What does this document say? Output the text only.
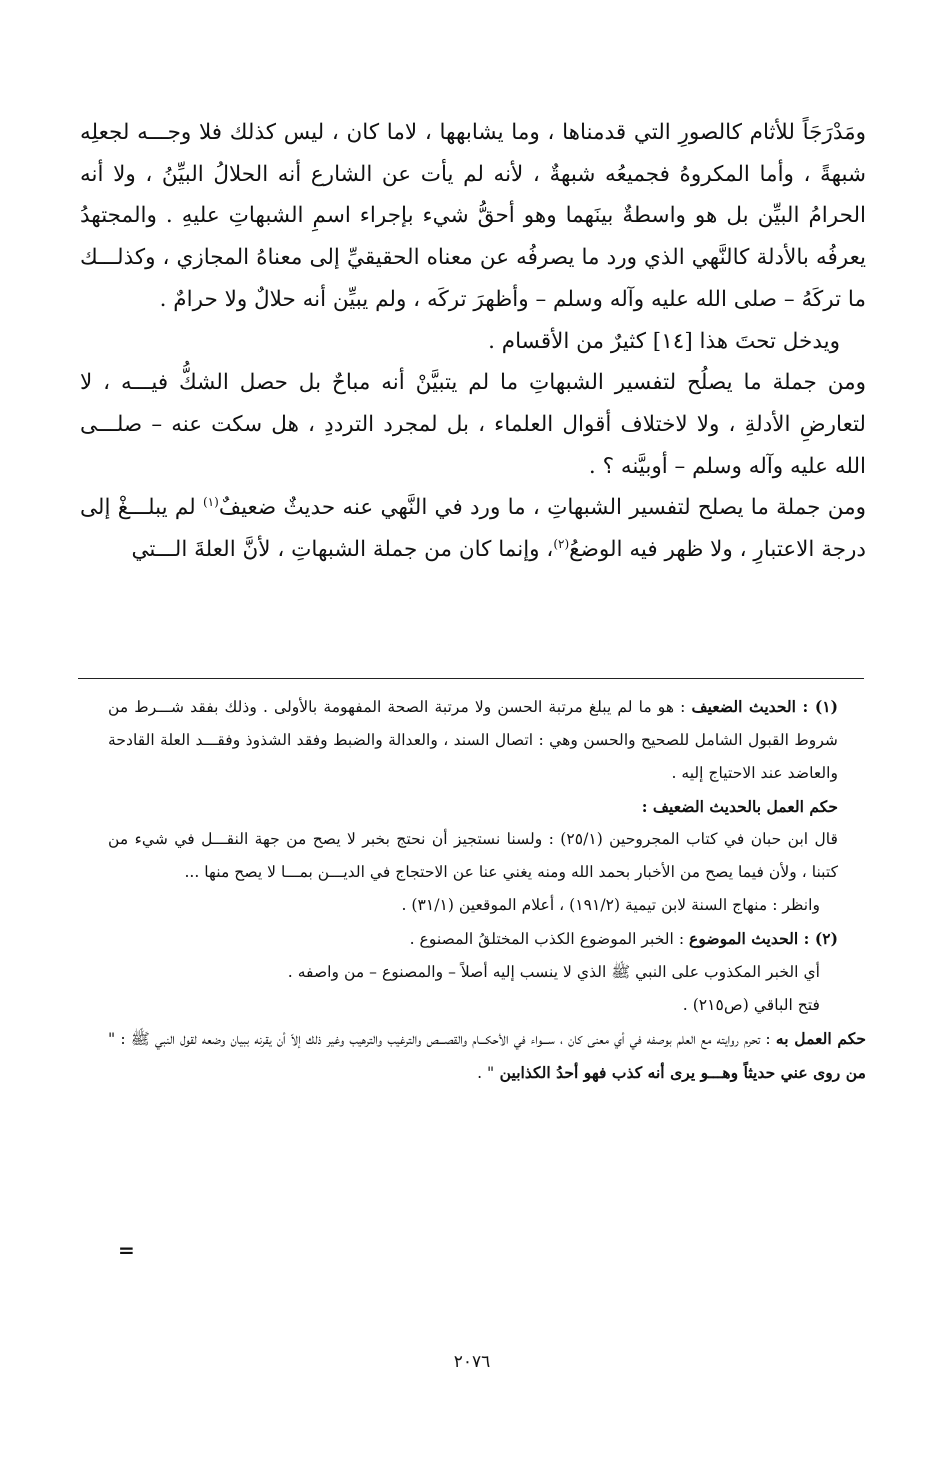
ومَدْرَجَاً للأثام كالصورِ التي قدمناها ، وما يشابهها ، لاما كان ، ليس كذلك فلا وجـــه لجعلِه شبهةً ، وأما المكروهُ فجميعُه شبهةٌ ، لأنه لم يأت عن الشارع أنه الحلالُ البيِّنُ ، ولا أنه الحرامُ البيِّن بل هو واسطةٌ بينَهما وهو أحقُّ شيء بإجراء اسمِ الشبهاتِ عليهِ . والمجتهدُ يعرفُه بالأدلة كالنَّهي الذي ورد ما يصرفُه عن معناه الحقيقيِّ إلى معناهُ المجازي ، وكذلـــك ما تركَهُ – صلى الله عليه وآله وسلم – وأظهرَ تركَه ، ولم يبيِّن أنه حلالٌ ولا حرامٌ .

ويدخل تحتَ هذا [١٤] كثيرٌ من الأقسام .

ومن جملة ما يصلُح لتفسير الشبهاتِ ما لم يتبيَّنْ أنه مباحٌ بل حصل الشكُّ فيـــه ، لا لتعارضِ الأدلةِ ، ولا لاختلاف أقوال العلماء ، بل لمجرد الترددِ ، هل سكت عنه – صلـــى الله عليه وآله وسلم – أوبيَّنه ؟ .

ومن جملة ما يصلح لتفسير الشبهاتِ ، ما ورد في النَّهي عنه حديثٌ ضعيفٌ$^{(١)}$ لم يبلـــغْ إلى درجة الاعتبارِ ، ولا ظهر فيه الوضعُ$^{(٢)}$، وإنما كان من جملة الشبهاتِ ، لأنَّ العلةَ الـــتي

(١) : الحديث الضعيف : هو ما لم يبلغ مرتبة الحسن ولا مرتبة الصحة المفهومة بالأولى . وذلك بفقد شـــرط من شروط القبول الشامل للصحيح والحسن وهي : اتصال السند ، والعدالة والضبط وفقد الشذوذ وفقـــد العلة القادحة والعاضد عند الاحتياج إليه .

حكم العمل بالحديث الضعيف :

قال ابن حبان في كتاب المجروحين (٢٥/١) : ولسنا نستجيز أن نحتج بخبر لا يصح من جهة النقـــل في شيء من كتبنا ، ولأن فيما يصح من الأخبار بحمد الله ومنه يغني عنا عن الاحتجاج في الديـــن بمـــا لا يصح منها ...

وانظر : منهاج السنة لابن تيمية (١٩١/٢) ، أعلام الموقعين (٣١/١) .

(٢) : الحديث الموضوع : الخبر الموضوع الكذب المختلقُ المصنوع .

أي الخبر المكذوب على النبي ﷺ الذي لا ينسب إليه أصلاً – والمصنوع – من واصفه .

فتح الباقي (ص٢١٥) .

حكم العمل به : تحرم روايته مع العلم بوصفه في أي معنى كان ، ســـواء في الأحكـــام والقصـــص والترغيب والترهيب وغير ذلك إلاّ أن يقرنه ببيان وضعه لقول النبي ﷺ : " من روى عني حديثاً وهـــو يرى أنه كذب فهو أحدُ الكذابين " .

=
٢٠٧٦
